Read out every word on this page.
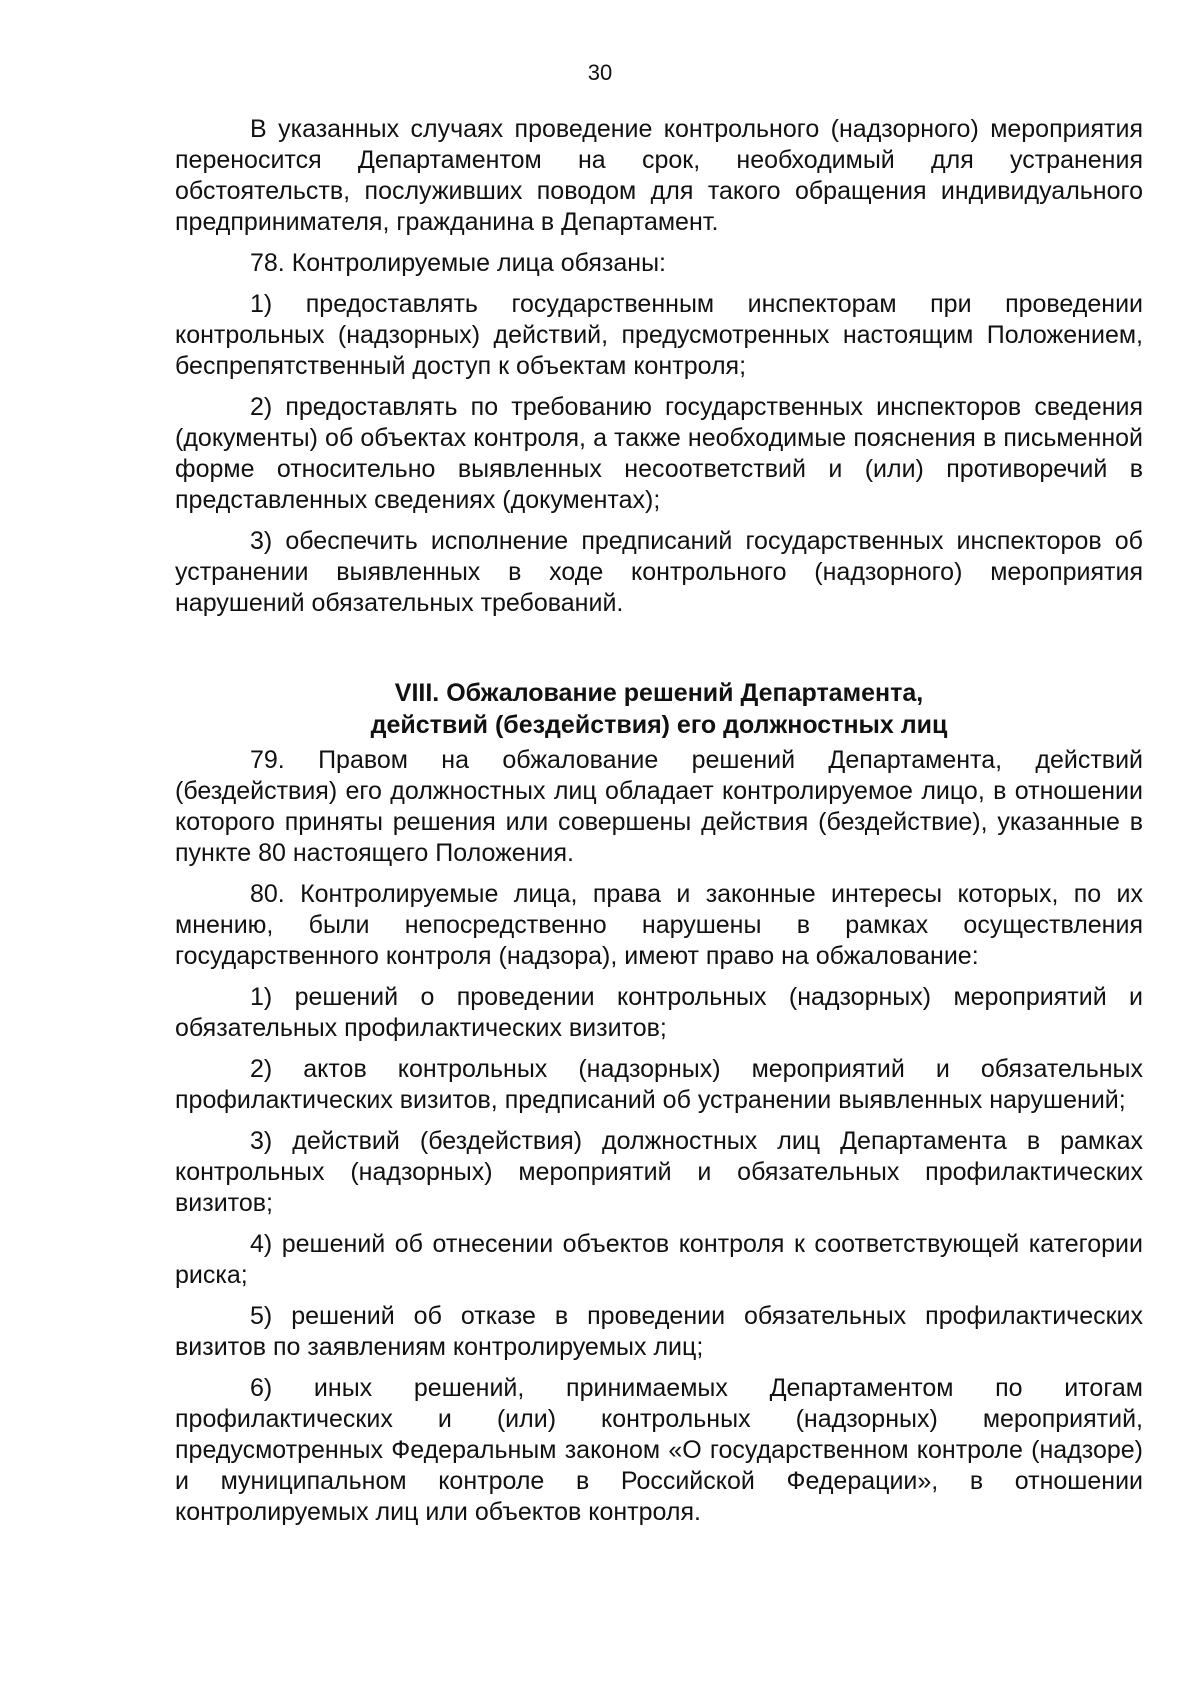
30

В указанных случаях проведение контрольного (надзорного) мероприятия переносится Департаментом на срок, необходимый для устранения обстоятельств, послуживших поводом для такого обращения индивидуального предпринимателя, гражданина в Департамент.

78. Контролируемые лица обязаны:

1) предоставлять государственным инспекторам при проведении контрольных (надзорных) действий, предусмотренных настоящим Положением, беспрепятственный доступ к объектам контроля;

2) предоставлять по требованию государственных инспекторов сведения (документы) об объектах контроля, а также необходимые пояснения в письменной форме относительно выявленных несоответствий и (или) противоречий в представленных сведениях (документах);

3) обеспечить исполнение предписаний государственных инспекторов об устранении выявленных в ходе контрольного (надзорного) мероприятия нарушений обязательных требований.

VIII. Обжалование решений Департамента,
действий (бездействия) его должностных лиц

79. Правом на обжалование решений Департамента, действий (бездействия) его должностных лиц обладает контролируемое лицо, в отношении которого приняты решения или совершены действия (бездействие), указанные в пункте 80 настоящего Положения.

80. Контролируемые лица, права и законные интересы которых, по их мнению, были непосредственно нарушены в рамках осуществления государственного контроля (надзора), имеют право на обжалование:

1) решений о проведении контрольных (надзорных) мероприятий и обязательных профилактических визитов;

2) актов контрольных (надзорных) мероприятий и обязательных профилактических визитов, предписаний об устранении выявленных нарушений;

3) действий (бездействия) должностных лиц Департамента в рамках контрольных (надзорных) мероприятий и обязательных профилактических визитов;

4) решений об отнесении объектов контроля к соответствующей категории риска;

5) решений об отказе в проведении обязательных профилактических визитов по заявлениям контролируемых лиц;

6) иных решений, принимаемых Департаментом по итогам профилактических и (или) контрольных (надзорных) мероприятий, предусмотренных Федеральным законом «О государственном контроле (надзоре) и муниципальном контроле в Российской Федерации», в отношении контролируемых лиц или объектов контроля.
